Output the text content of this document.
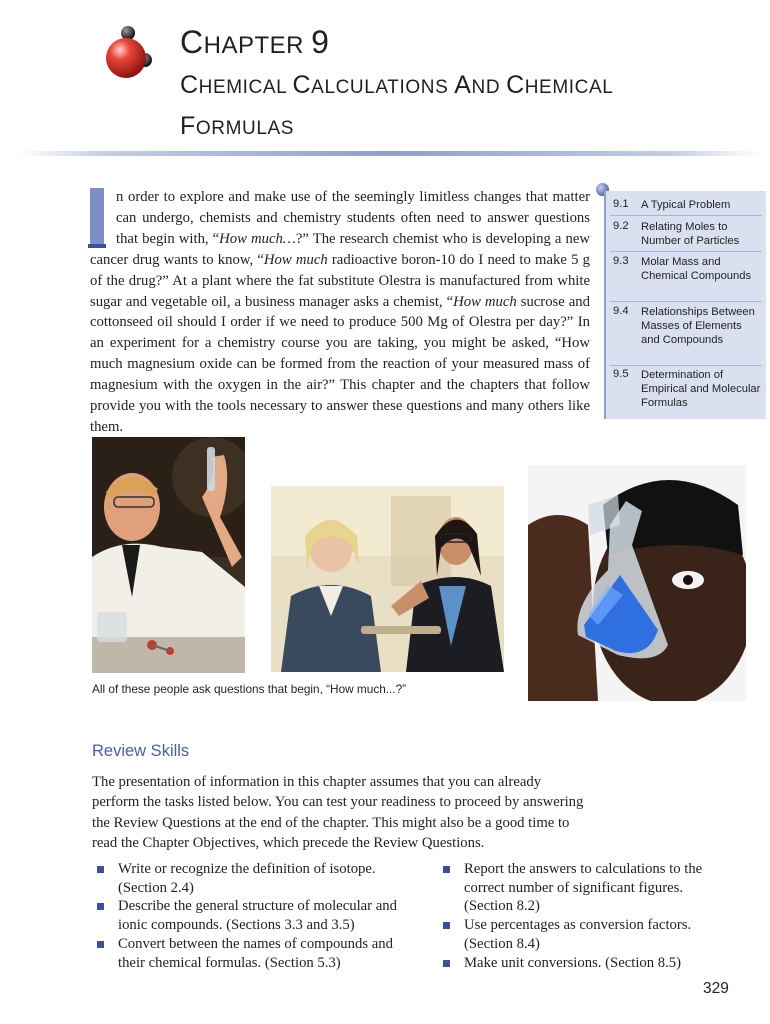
CHAPTER 9
CHEMICAL CALCULATIONS AND CHEMICAL FORMULAS

n order to explore and make use of the seemingly limitless changes that matter can undergo, chemists and chemistry students often need to answer questions that begin with, “How much…?” The research chemist who is developing a new cancer drug wants to know, “How much radioactive boron-10 do I need to make 5 g of the drug?” At a plant where the fat substitute Olestra is manufactured from white sugar and vegetable oil, a business manager asks a chemist, “How much sucrose and cottonseed oil should I order if we need to produce 500 Mg of Olestra per day?” In an experiment for a chemistry course you are taking, you might be asked, “How much magnesium oxide can be formed from the reaction of your measured mass of magnesium with the oxygen in the air?” This chapter and the chapters that follow provide you with the tools necessary to answer these questions and many others like them.

9.1 A Typical Problem
9.2 Relating Moles to Number of Particles
9.3 Molar Mass and Chemical Compounds
9.4 Relationships Between Masses of Elements and Compounds
9.5 Determination of Empirical and Molecular Formulas
All of these people ask questions that begin, “How much...?”
Review Skills
The presentation of information in this chapter assumes that you can already perform the tasks listed below. You can test your readiness to proceed by answering the Review Questions at the end of the chapter. This might also be a good time to read the Chapter Objectives, which precede the Review Questions.
Write or recognize the definition of isotope. (Section 2.4)
Describe the general structure of molecular and ionic compounds. (Sections 3.3 and 3.5)
Convert between the names of compounds and their chemical formulas. (Section 5.3)
Report the answers to calculations to the correct number of significant figures. (Section 8.2)
Use percentages as conversion factors. (Section 8.4)
Make unit conversions. (Section 8.5)
329
